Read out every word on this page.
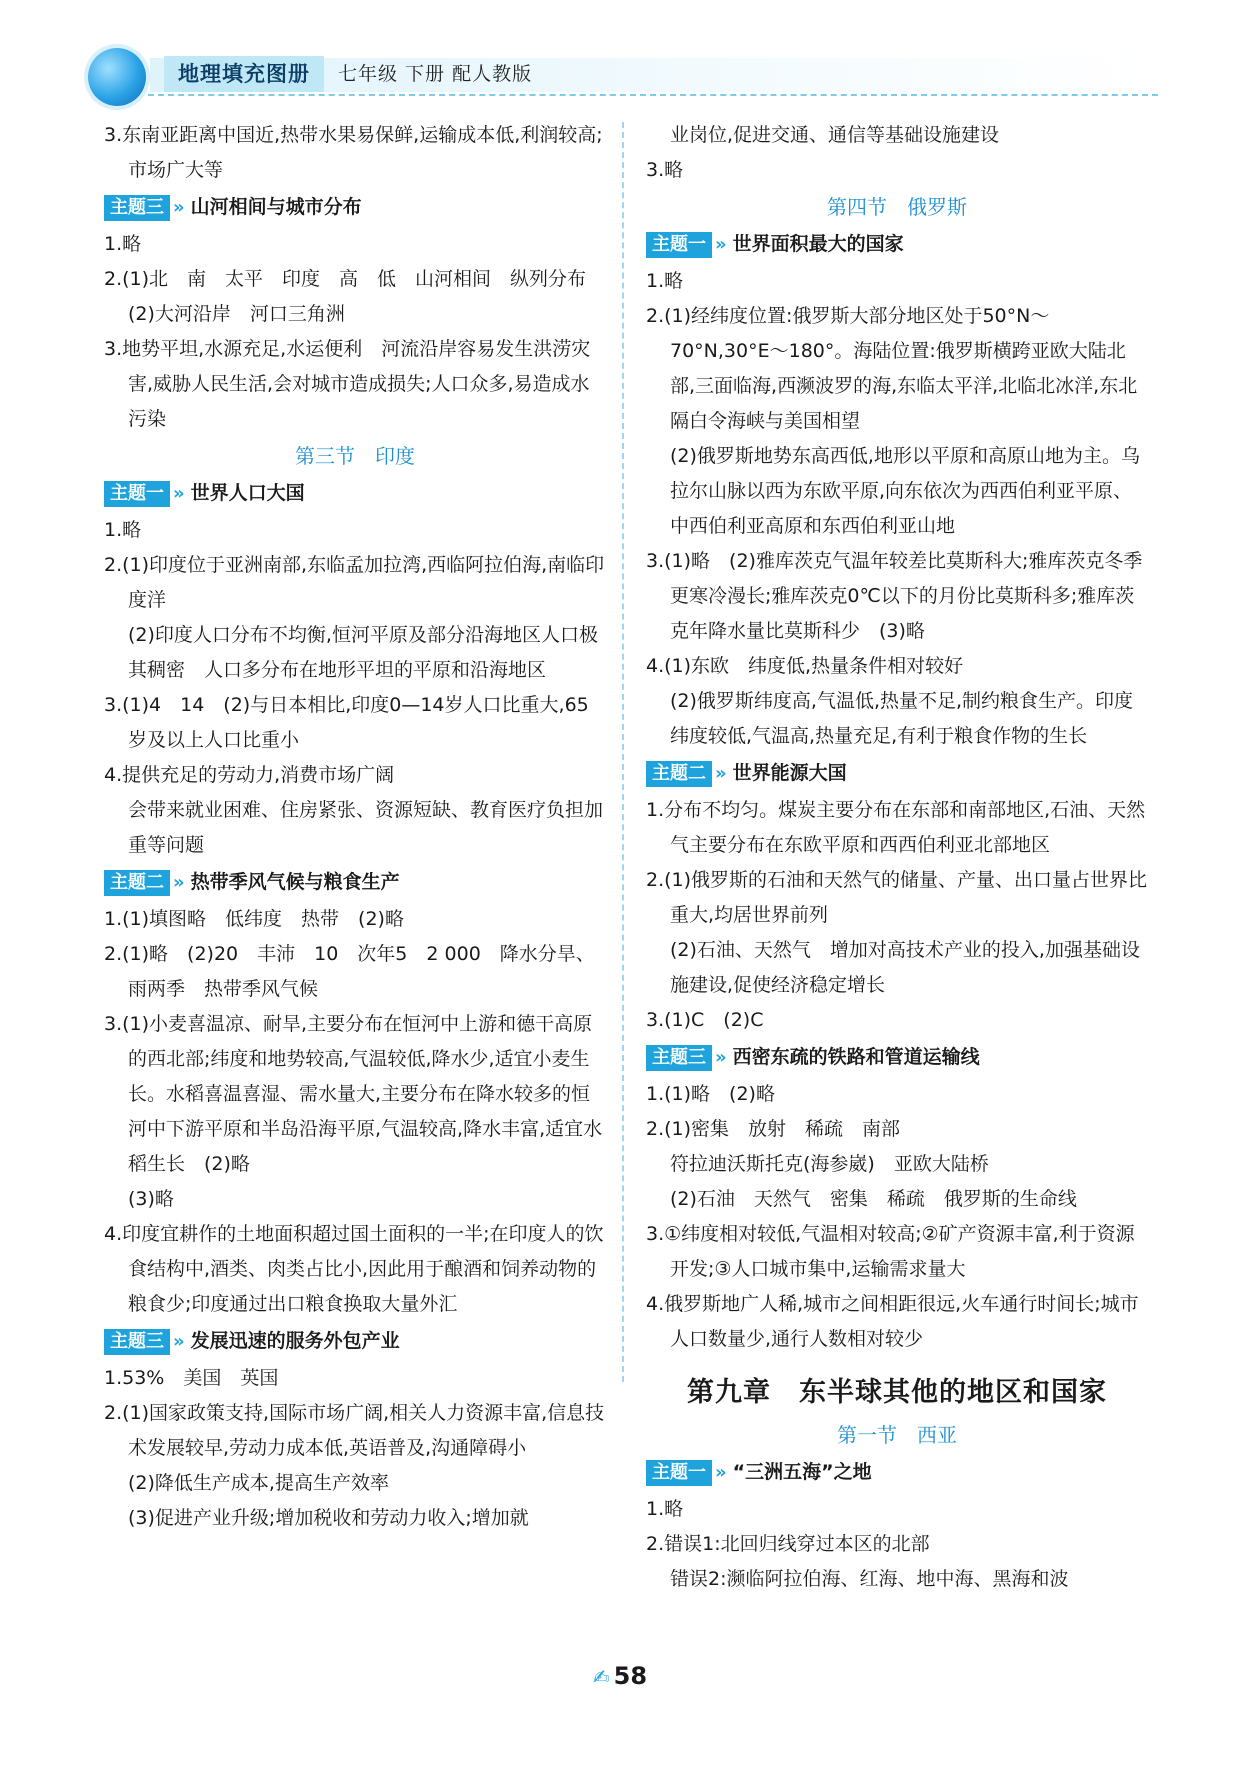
地理填充图册	七年级 下册 配人教版

3.东南亚距离中国近,热带水果易保鲜,运输成本低,利润较高;市场广大等

主题三 » 山河相间与城市分布

1.略

2.(1)北　南　太平　印度　高　低　山河相间　纵列分布　(2)大河沿岸　河口三角洲

3.地势平坦,水源充足,水运便利　河流沿岸容易发生洪涝灾害,威胁人民生活,会对城市造成损失;人口众多,易造成水污染

第三节　印度
主题一 » 世界人口大国

1.略

2.(1)印度位于亚洲南部,东临孟加拉湾,西临阿拉伯海,南临印度洋

(2)印度人口分布不均衡,恒河平原及部分沿海地区人口极其稠密　人口多分布在地形平坦的平原和沿海地区

3.(1)4　14　(2)与日本相比,印度0—14岁人口比重大,65岁及以上人口比重小

4.提供充足的劳动力,消费市场广阔

会带来就业困难、住房紧张、资源短缺、教育医疗负担加重等问题

主题二 » 热带季风气候与粮食生产

1.(1)填图略　低纬度　热带　(2)略

2.(1)略　(2)20　丰沛　10　次年5　2 000　降水分旱、雨两季　热带季风气候

3.(1)小麦喜温凉、耐旱,主要分布在恒河中上游和德干高原的西北部;纬度和地势较高,气温较低,降水少,适宜小麦生长。水稻喜温喜湿、需水量大,主要分布在降水较多的恒河中下游平原和半岛沿海平原,气温较高,降水丰富,适宜水稻生长　(2)略

(3)略

4.印度宜耕作的土地面积超过国土面积的一半;在印度人的饮食结构中,酒类、肉类占比小,因此用于酿酒和饲养动物的粮食少;印度通过出口粮食换取大量外汇

主题三 » 发展迅速的服务外包产业

1.53%　美国　英国

2.(1)国家政策支持,国际市场广阔,相关人力资源丰富,信息技术发展较早,劳动力成本低,英语普及,沟通障碍小

(2)降低生产成本,提高生产效率

(3)促进产业升级;增加税收和劳动力收入;增加就

业岗位,促进交通、通信等基础设施建设

3.略

第四节　俄罗斯
主题一 » 世界面积最大的国家

1.略

2.(1)经纬度位置:俄罗斯大部分地区处于50°N～70°N,30°E～180°。海陆位置:俄罗斯横跨亚欧大陆北部,三面临海,西濒波罗的海,东临太平洋,北临北冰洋,东北隔白令海峡与美国相望

(2)俄罗斯地势东高西低,地形以平原和高原山地为主。乌拉尔山脉以西为东欧平原,向东依次为西西伯利亚平原、中西伯利亚高原和东西伯利亚山地

3.(1)略　(2)雅库茨克气温年较差比莫斯科大;雅库茨克冬季更寒冷漫长;雅库茨克0℃以下的月份比莫斯科多;雅库茨克年降水量比莫斯科少　(3)略

4.(1)东欧　纬度低,热量条件相对较好

(2)俄罗斯纬度高,气温低,热量不足,制约粮食生产。印度纬度较低,气温高,热量充足,有利于粮食作物的生长

主题二 » 世界能源大国

1.分布不均匀。煤炭主要分布在东部和南部地区,石油、天然气主要分布在东欧平原和西西伯利亚北部地区

2.(1)俄罗斯的石油和天然气的储量、产量、出口量占世界比重大,均居世界前列

(2)石油、天然气　增加对高技术产业的投入,加强基础设施建设,促使经济稳定增长

3.(1)C　(2)C

主题三 » 西密东疏的铁路和管道运输线

1.(1)略　(2)略

2.(1)密集　放射　稀疏　南部

符拉迪沃斯托克(海参崴)　亚欧大陆桥

(2)石油　天然气　密集　稀疏　俄罗斯的生命线

3.①纬度相对较低,气温相对较高;②矿产资源丰富,利于资源开发;③人口城市集中,运输需求量大

4.俄罗斯地广人稀,城市之间相距很远,火车通行时间长;城市人口数量少,通行人数相对较少

第九章　东半球其他的地区和国家
第一节　西亚
主题一 » “三洲五海”之地

1.略

2.错误1:北回归线穿过本区的北部

错误2:濒临阿拉伯海、红海、地中海、黑海和波

✍ 58
